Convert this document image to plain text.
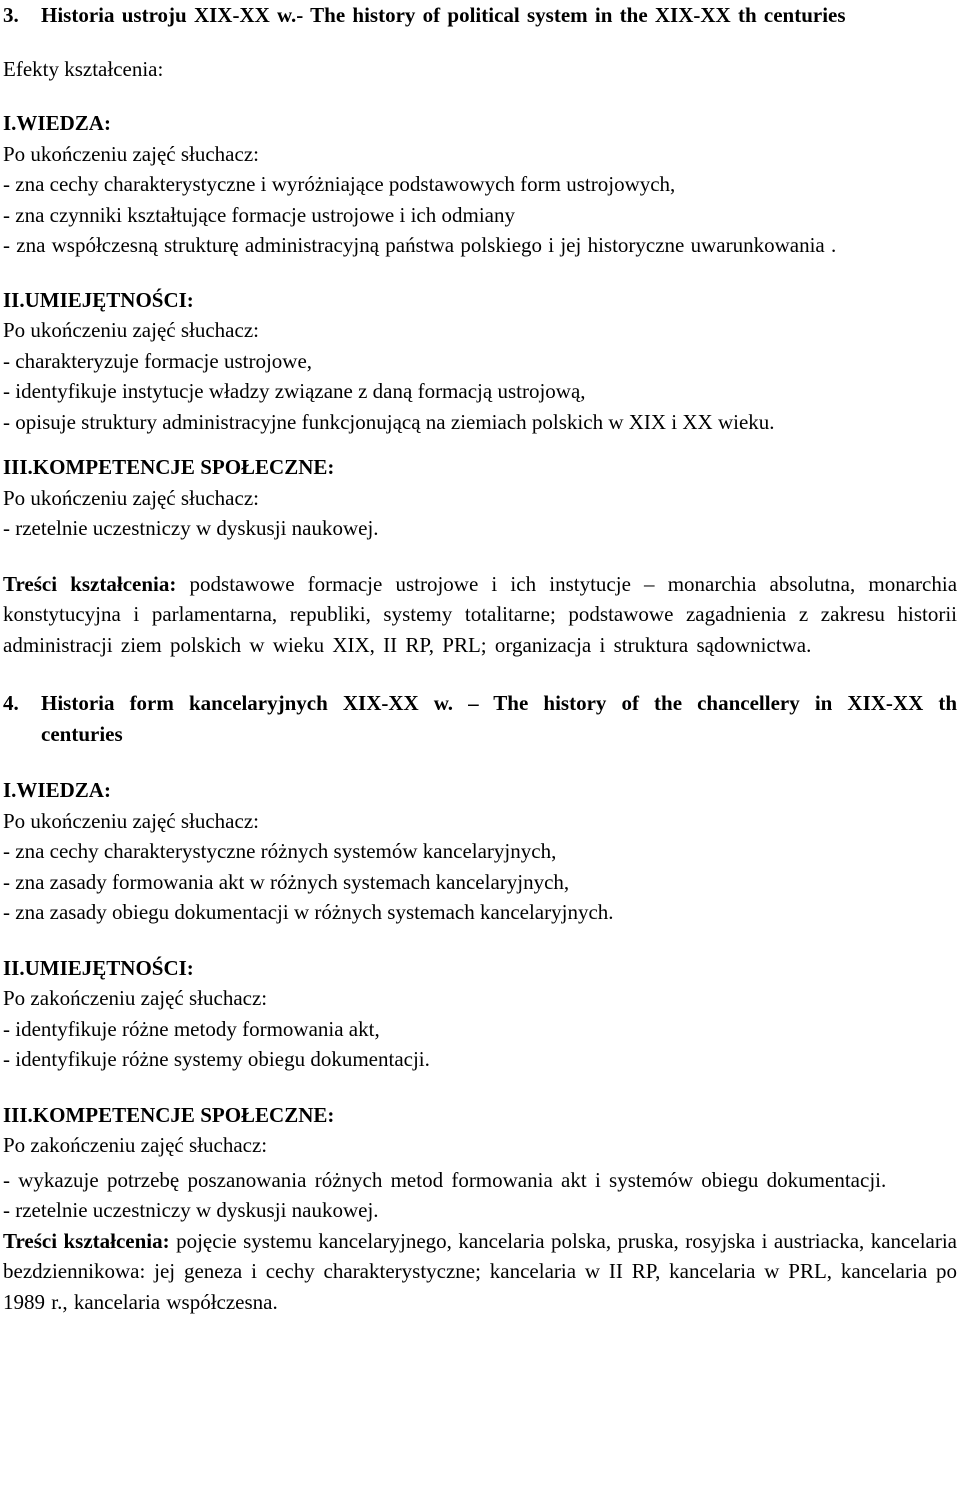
3.	Historia ustroju XIX-XX w.- The history of political system in the XIX-XX th centuries

Efekty kształcenia:

I.WIEDZA:

Po ukończeniu zajęć słuchacz:

- zna cechy charakterystyczne i wyróżniające podstawowych form ustrojowych,

- zna czynniki kształtujące formacje ustrojowe i ich odmiany

- zna współczesną strukturę administracyjną państwa polskiego i jej historyczne uwarunkowania .

II.UMIEJĘTNOŚCI:

Po ukończeniu zajęć słuchacz:

- charakteryzuje formacje ustrojowe,

- identyfikuje instytucje władzy związane z daną formacją ustrojową,

- opisuje struktury administracyjne funkcjonującą na ziemiach polskich w XIX i XX wieku.

III.KOMPETENCJE SPOŁECZNE:

Po ukończeniu zajęć słuchacz:

- rzetelnie uczestniczy w dyskusji naukowej.

Treści kształcenia: podstawowe formacje ustrojowe i ich instytucje – monarchia absolutna, monarchia konstytucyjna i parlamentarna, republiki, systemy totalitarne; podstawowe zagadnienia z zakresu historii administracji ziem polskich w wieku XIX, II RP, PRL; organizacja i struktura sądownictwa.

4.	Historia form kancelaryjnych XIX-XX w. – The history of the chancellery in XIX-XX th centuries

I.WIEDZA:

Po ukończeniu zajęć słuchacz:

- zna cechy charakterystyczne różnych systemów kancelaryjnych,

- zna zasady formowania akt w różnych systemach kancelaryjnych,

- zna zasady obiegu dokumentacji w różnych systemach kancelaryjnych.

II.UMIEJĘTNOŚCI:

Po zakończeniu zajęć słuchacz:

- identyfikuje różne metody formowania akt,

- identyfikuje różne systemy obiegu dokumentacji.

III.KOMPETENCJE SPOŁECZNE:

Po zakończeniu zajęć słuchacz:

- wykazuje potrzebę poszanowania różnych metod formowania akt i systemów obiegu dokumentacji.

- rzetelnie uczestniczy w dyskusji naukowej.

Treści kształcenia: pojęcie systemu kancelaryjnego, kancelaria polska, pruska, rosyjska i austriacka, kancelaria bezdziennikowa: jej geneza i cechy charakterystyczne; kancelaria w II RP, kancelaria w PRL, kancelaria po 1989 r., kancelaria współczesna.
